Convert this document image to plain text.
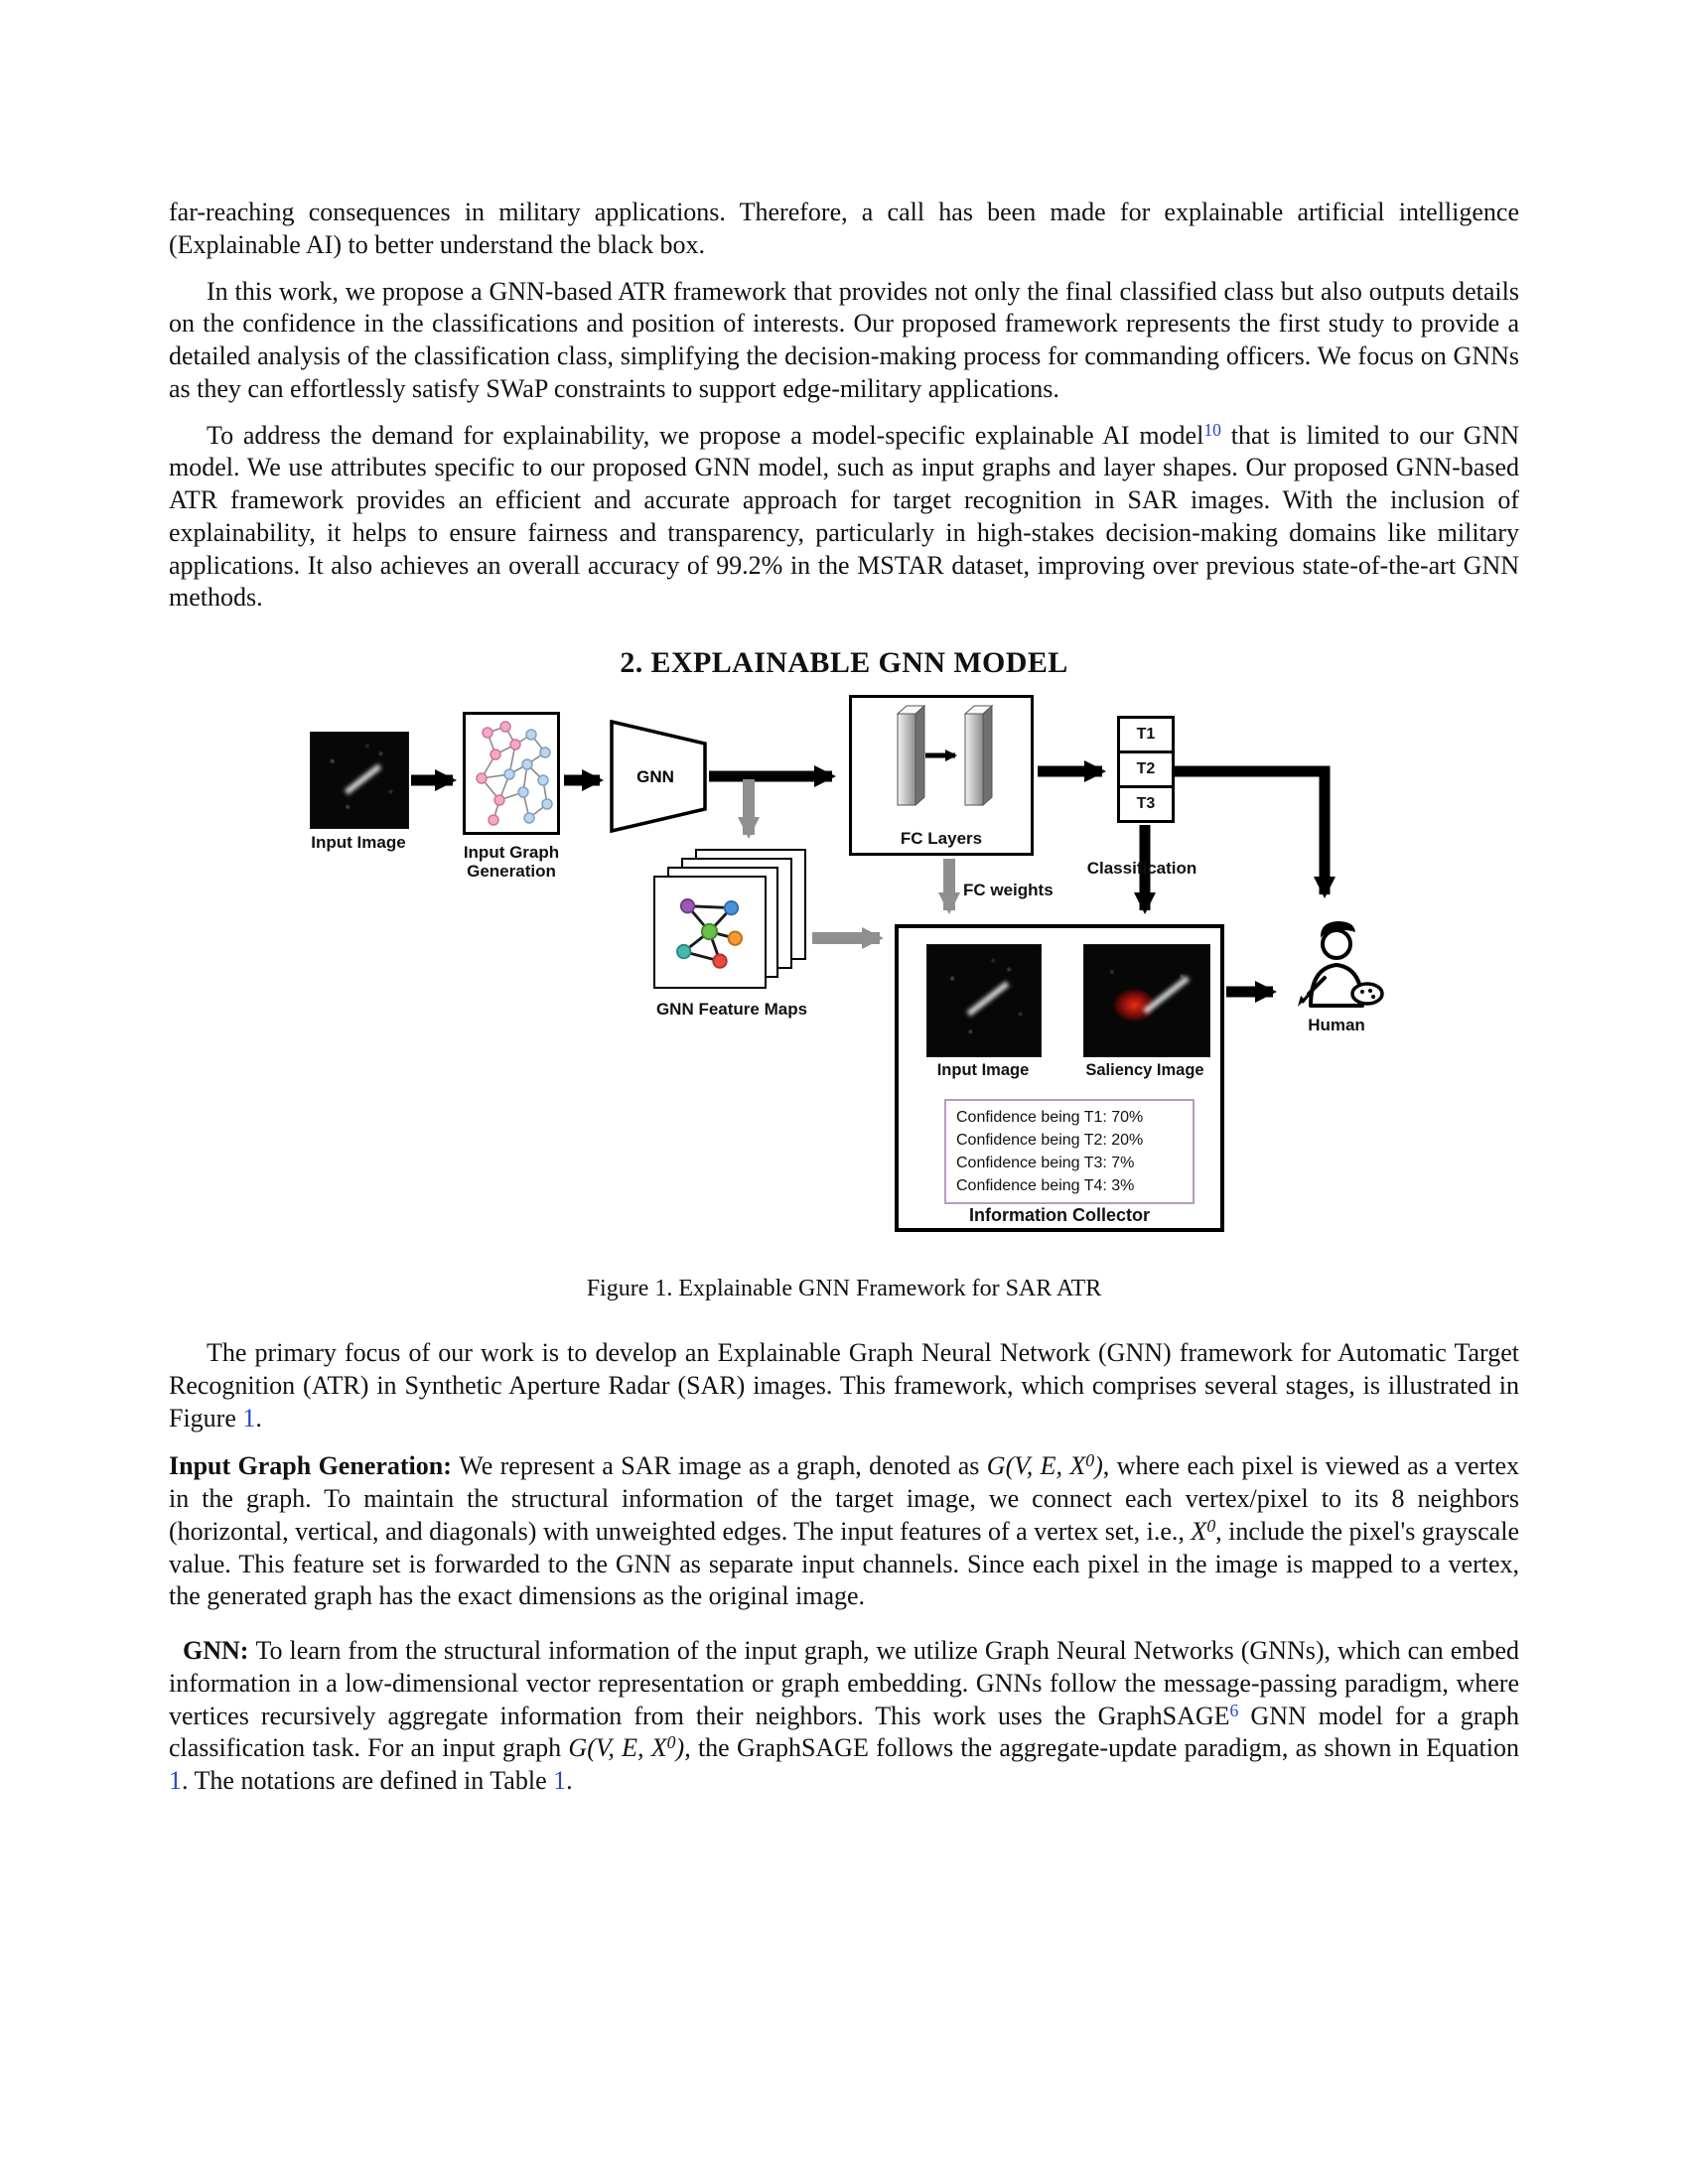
far-reaching consequences in military applications. Therefore, a call has been made for explainable artificial intelligence (Explainable AI) to better understand the black box.

In this work, we propose a GNN-based ATR framework that provides not only the final classified class but also outputs details on the confidence in the classifications and position of interests. Our proposed framework represents the first study to provide a detailed analysis of the classification class, simplifying the decision-making process for commanding officers. We focus on GNNs as they can effortlessly satisfy SWaP constraints to support edge-military applications.

To address the demand for explainability, we propose a model-specific explainable AI model$^{10}$ that is limited to our GNN model. We use attributes specific to our proposed GNN model, such as input graphs and layer shapes. Our proposed GNN-based ATR framework provides an efficient and accurate approach for target recognition in SAR images. With the inclusion of explainability, it helps to ensure fairness and transparency, particularly in high-stakes decision-making domains like military applications. It also achieves an overall accuracy of 99.2% in the MSTAR dataset, improving over previous state-of-the-art GNN methods.

2. EXPLAINABLE GNN MODEL
Input Image
Input Graph
Generation
GNN
FC Layers
T1
T2
T3
Classification
FC weights
GNN Feature Maps
Input Image	Saliency Image
Confidence being T1: 70%
Confidence being T2: 20%
Confidence being T3: 7%
Confidence being T4: 3%
Information Collector
Human
Figure 1. Explainable GNN Framework for SAR ATR

The primary focus of our work is to develop an Explainable Graph Neural Network (GNN) framework for Automatic Target Recognition (ATR) in Synthetic Aperture Radar (SAR) images. This framework, which comprises several stages, is illustrated in Figure 1.

Input Graph Generation: We represent a SAR image as a graph, denoted as G(V, E, $X^0$), where each pixel is viewed as a vertex in the graph. To maintain the structural information of the target image, we connect each vertex/pixel to its 8 neighbors (horizontal, vertical, and diagonals) with unweighted edges. The input features of a vertex set, i.e., $X^0$, include the pixel's grayscale value. This feature set is forwarded to the GNN as separate input channels. Since each pixel in the image is mapped to a vertex, the generated graph has the exact dimensions as the original image.

GNN: To learn from the structural information of the input graph, we utilize Graph Neural Networks (GNNs), which can embed information in a low-dimensional vector representation or graph embedding. GNNs follow the message-passing paradigm, where vertices recursively aggregate information from their neighbors. This work uses the GraphSAGE$^6$ GNN model for a graph classification task. For an input graph G(V, E, $X^0$), the GraphSAGE follows the aggregate-update paradigm, as shown in Equation 1. The notations are defined in Table 1.
